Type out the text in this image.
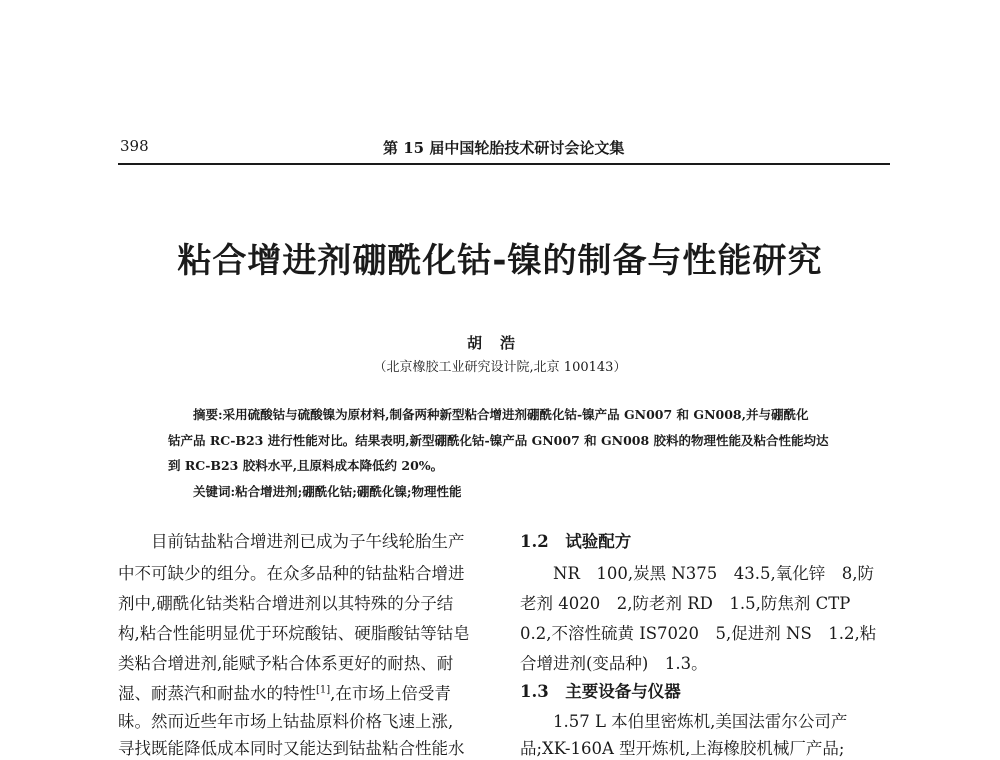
398	第 15 届中国轮胎技术研讨会论文集
粘合增进剂硼酰化钴-镍的制备与性能研究
胡浩
（北京橡胶工业研究设计院,北京 100143）
摘要:采用硫酸钴与硫酸镍为原材料,制备两种新型粘合增进剂硼酰化钴-镍产品 GN007 和 GN008,并与硼酰化
钴产品 RC-B23 进行性能对比。结果表明,新型硼酰化钴-镍产品 GN007 和 GN008 胶料的物理性能及粘合性能均达
到 RC-B23 胶料水平,且原料成本降低约 20%。
关键词:粘合增进剂;硼酰化钴;硼酰化镍;物理性能
　　目前钴盐粘合增进剂已成为子午线轮胎生产
中不可缺少的组分。在众多品种的钴盐粘合增进
剂中,硼酰化钴类粘合增进剂以其特殊的分子结
构,粘合性能明显优于环烷酸钴、硬脂酸钴等钴皂
类粘合增进剂,能赋予粘合体系更好的耐热、耐
湿、耐蒸汽和耐盐水的特性[1],在市场上倍受青
昧。然而近些年市场上钴盐原料价格飞速上涨,
寻找既能降低成本同时又能达到钴盐粘合性能水
1.2　试验配方
　　NR　100,炭黑 N375　43.5,氧化锌　8,防
老剂 4020　2,防老剂 RD　1.5,防焦剂 CTP
0.2,不溶性硫黄 IS7020　5,促进剂 NS　1.2,粘
合增进剂(变品种)　1.3。
1.3　主要设备与仪器
　　1.57 L 本伯里密炼机,美国法雷尔公司产
品;XK-160A 型开炼机,上海橡胶机械厂产品;
